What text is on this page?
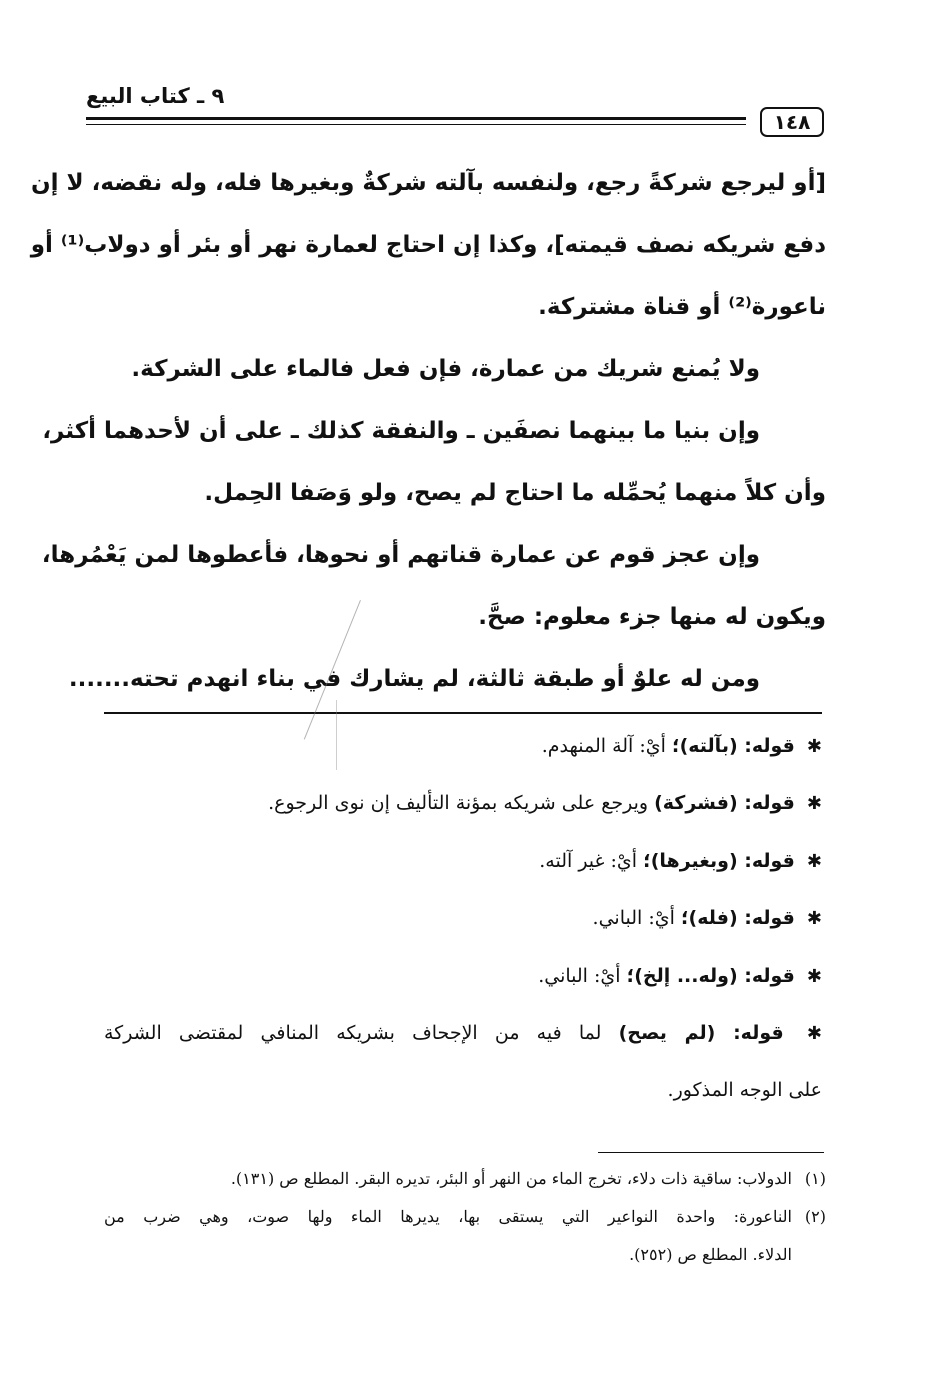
٩ ـ كتاب البيع
١٤٨
[أو ليرجع شركةً رجع، ولنفسه بآلته شركةٌ وبغيرها فله، وله نقضه، لا إن
دفع شريكه نصف قيمته]، وكذا إن احتاج لعمارة نهر أو بئر أو دولاب⁽¹⁾ أو
ناعورة⁽²⁾ أو قناة مشتركة.
ولا يُمنع شريك من عمارة، فإن فعل فالماء على الشركة.
وإن بنيا ما بينهما نصفَين ـ والنفقة كذلك ـ على أن لأحدهما أكثر،
وأن كلاً منهما يُحمِّله ما احتاج لم يصح، ولو وَصَفا الحِمل.
وإن عجز قوم عن عمارة قناتهم أو نحوها، فأعطوها لمن يَعْمُرها،
ويكون له منها جزء معلوم: صحَّ.
ومن له علوٌ أو طبقة ثالثة، لم يشارك في بناء انهدم تحته.......
✱ قوله: (بآلته)؛ أيْ: آلة المنهدم.
✱ قوله: (فشركة) ويرجع على شريكه بمؤنة التأليف إن نوى الرجوع.
✱ قوله: (وبغيرها)؛ أيْ: غير آلته.
✱ قوله: (فله)؛ أيْ: الباني.
✱ قوله: (وله... إلخ)؛ أيْ: الباني.
✱ قوله: (لم يصح) لما فيه من الإجحاف بشريكه المنافي لمقتضى الشركة
على الوجه المذكور.
(١)الدولاب: ساقية ذات دلاء، تخرج الماء من النهر أو البئر، تديره البقر. المطلع ص (١٣١).
(٢)الناعورة: واحدة النواعير التي يستقى بها، يديرها الماء ولها صوت، وهي ضرب من
الدلاء. المطلع ص (٢٥٢).
